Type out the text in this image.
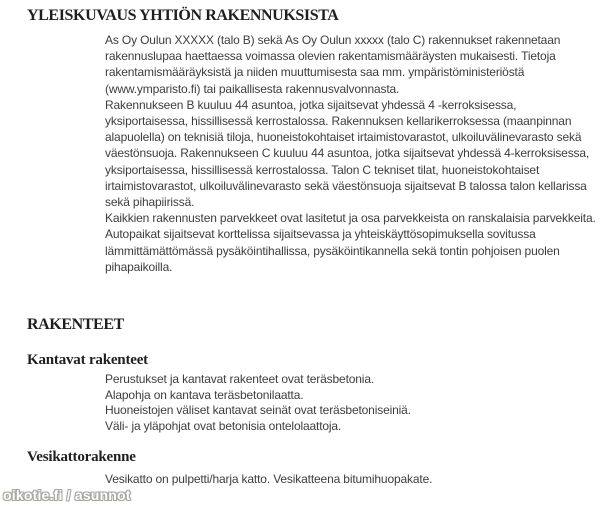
YLEISKUVAUS YHTIÖN RAKENNUKSISTA

As Oy Oulun XXXXX (talo B) sekä As Oy Oulun xxxxx (talo C) rakennukset rakennetaan rakennuslupaa haettaessa voimassa olevien rakentamismääräysten mukaisesti. Tietoja rakentamismääräyksistä ja niiden muuttumisesta saa mm. ympäristöministeriöstä (www.ymparisto.fi) tai paikallisesta rakennusvalvonnasta.

Rakennukseen B kuuluu 44 asuntoa, jotka sijaitsevat yhdessä 4 -kerroksisessa, yksiportaisessa, hissillisessä kerrostalossa. Rakennuksen kellarikerroksessa (maanpinnan alapuolella) on teknisiä tiloja, huoneistokohtaiset irtaimistovarastot, ulkoiluvälinevarasto sekä väestönsuoja. Rakennukseen C kuuluu 44 asuntoa, jotka sijaitsevat yhdessä 4-kerroksisessa, yksiportaisessa, hissillisessä kerrostalossa. Talon C tekniset tilat, huoneistokohtaiset irtaimistovarastot, ulkoiluvälinevarasto sekä väestönsuoja sijaitsevat B talossa talon kellarissa sekä pihapiirissä.

Kaikkien rakennusten parvekkeet ovat lasitetut ja osa parvekkeista on ranskalaisia parvekkeita.

Autopaikat sijaitsevat korttelissa sijaitsevassa ja yhteiskäyttösopimuksella sovitussa lämmittämättömässä pysäköintihallissa, pysäköintikannella sekä tontin pohjoisen puolen pihapaikoilla.

RAKENTEET
Kantavat rakenteet

Perustukset ja kantavat rakenteet ovat teräsbetonia.

Alapohja on kantava teräsbetonilaatta.

Huoneistojen väliset kantavat seinät ovat teräsbetoniseiniä.

Väli- ja yläpohjat ovat betonisia ontelolaattoja.

Vesikattorakenne

Vesikatto on pulpetti/harja katto. Vesikatteena bitumihuopakate.

oikotie.fi / asunnot
